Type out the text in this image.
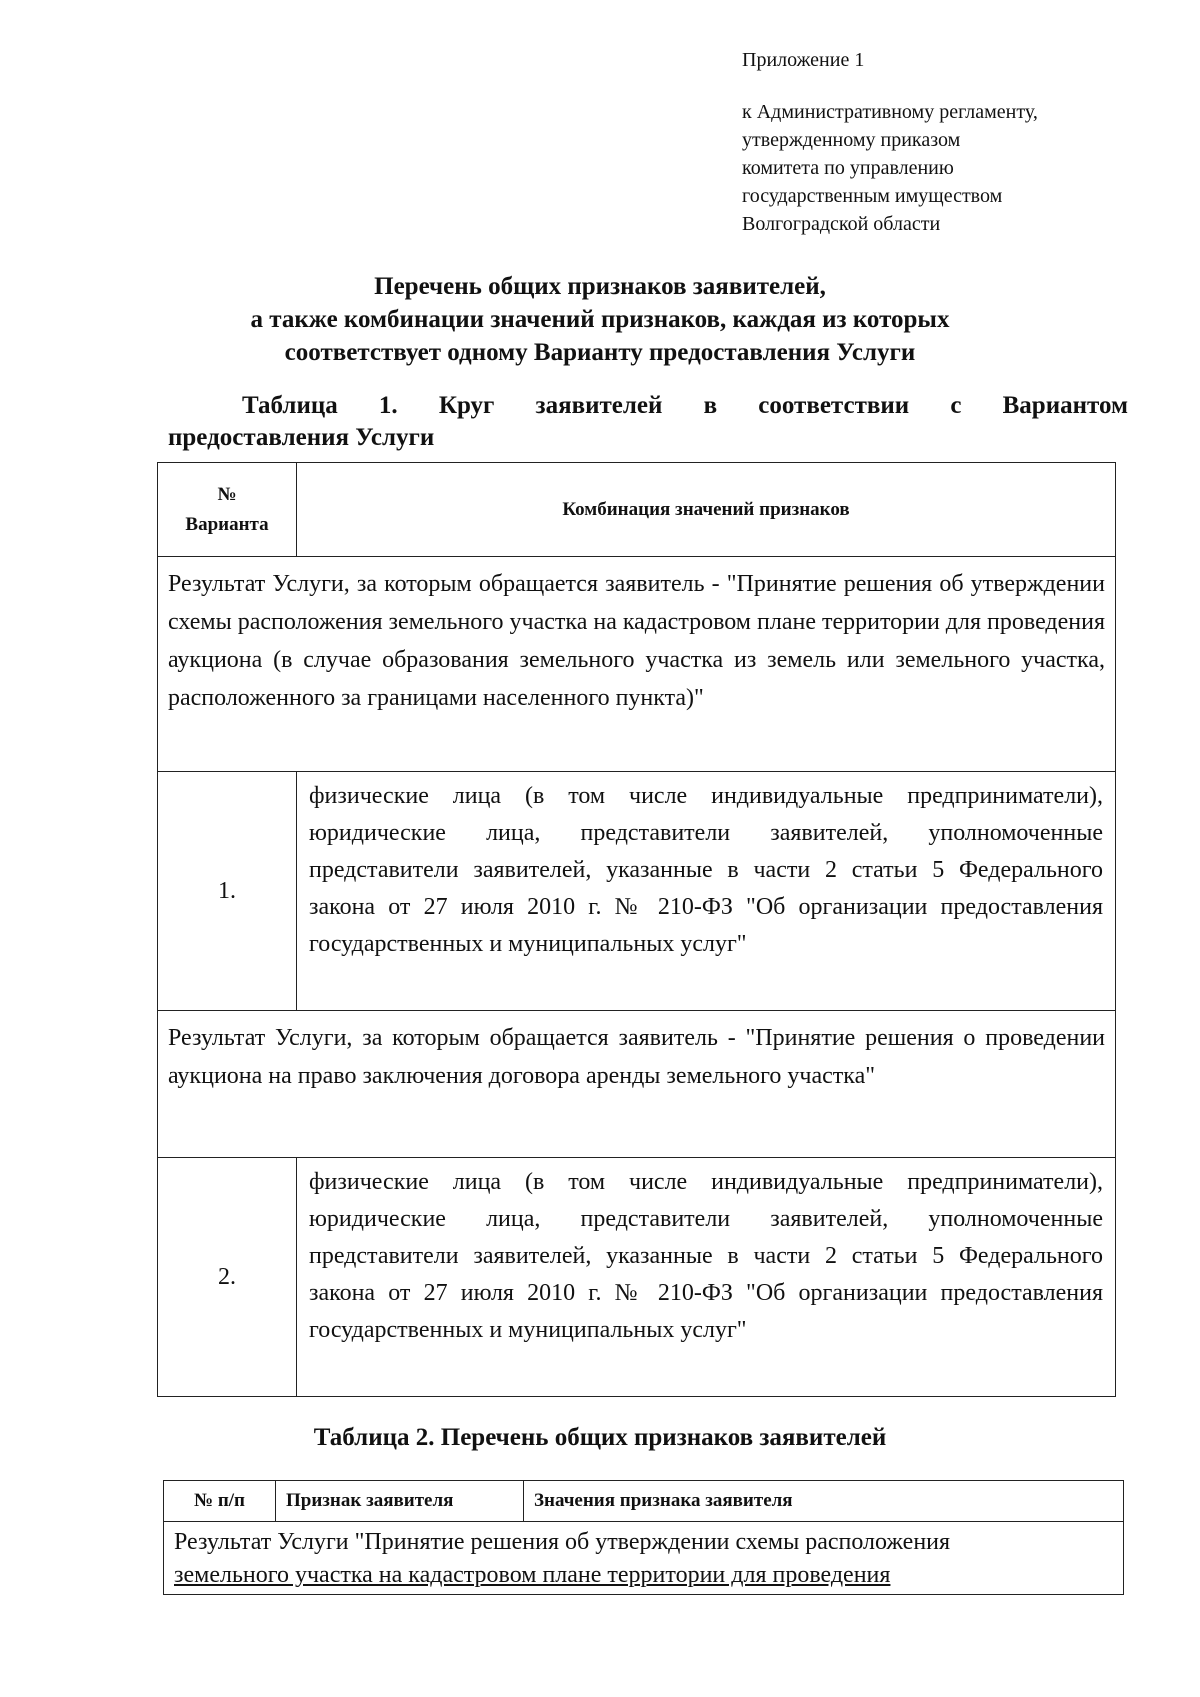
Приложение 1
к Административному регламенту,
утвержденному приказом
комитета по управлению
государственным имуществом
Волгоградской области
Перечень общих признаков заявителей,
а также комбинации значений признаков, каждая из которых
соответствует одному Варианту предоставления Услуги
Таблица 1. Круг заявителей в соответствии с Вариантом
предоставления Услуги
№
Варианта	Комбинация значений признаков
Результат Услуги, за которым обращается заявитель - "Принятие решения об утверждении схемы расположения земельного участка на кадастровом плане территории для проведения аукциона (в случае образования земельного участка из земель или земельного участка, расположенного за границами населенного пункта)"	
1.	физические лица (в том числе индивидуальные предприниматели), юридические лица, представители заявителей, уполномоченные представители заявителей, указанные в части 2 статьи 5 Федерального закона от 27 июля 2010 г. № 210-ФЗ "Об организации предоставления государственных и муниципальных услуг"
Результат Услуги, за которым обращается заявитель - "Принятие решения о проведении аукциона на право заключения договора аренды земельного участка"	
2.	физические лица (в том числе индивидуальные предприниматели), юридические лица, представители заявителей, уполномоченные представители заявителей, указанные в части 2 статьи 5 Федерального закона от 27 июля 2010 г. № 210-ФЗ "Об организации предоставления государственных и муниципальных услуг"
Таблица 2. Перечень общих признаков заявителей
№ п/п	Признак заявителя	Значения признака заявителя

Результат Услуги "Принятие решения об утверждении схемы расположения
земельного участка на кадастровом плане территории для проведения
